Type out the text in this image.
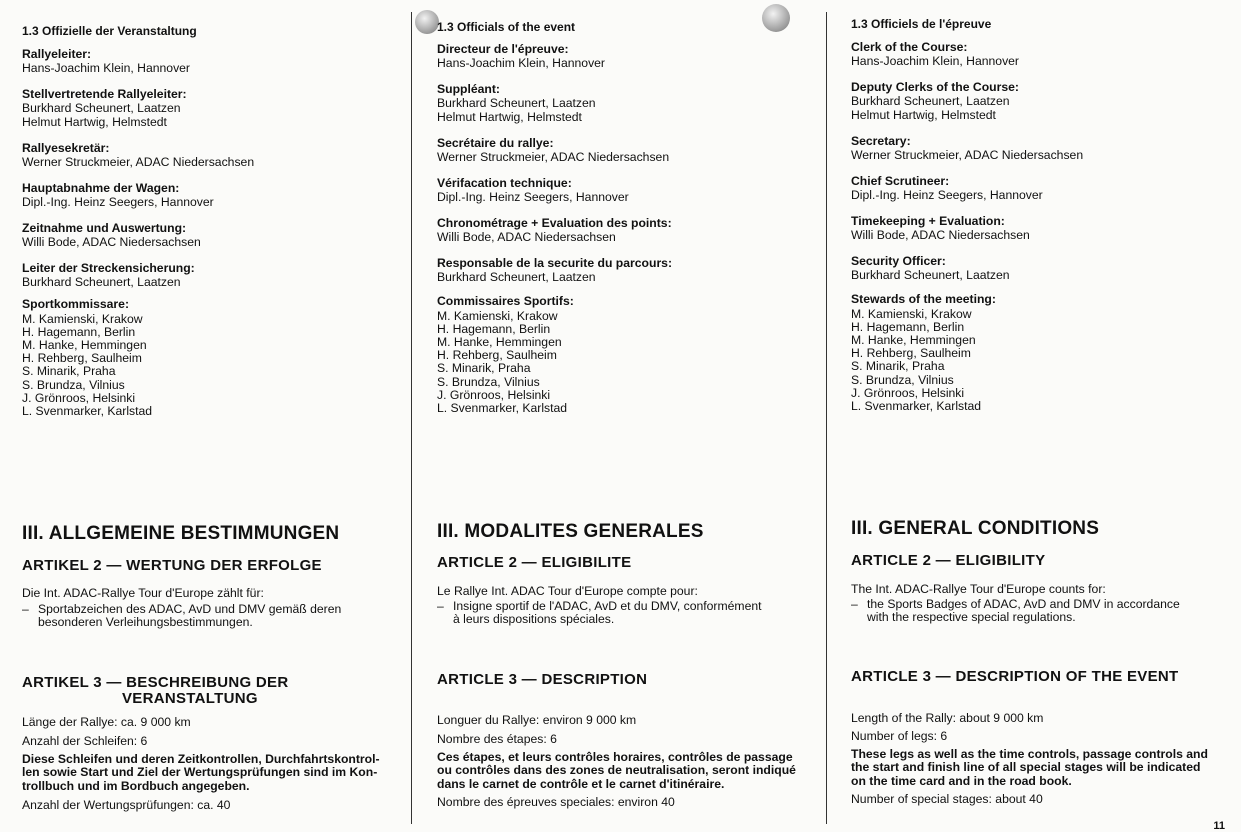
1.3 Offizielle der Veranstaltung
Sportkommissare:
M. Kamienski, Krakow
H. Hagemann, Berlin
M. Hanke, Hemmingen
H. Rehberg, Saulheim
S. Minarik, Praha
S. Brundza, Vilnius
J. Grönroos, Helsinki
L. Svenmarker, Karlstad
III. ALLGEMEINE BESTIMMUNGEN
ARTIKEL 2 — WERTUNG DER ERFOLGE
Die Int. ADAC-Rallye Tour d'Europe zählt für:
– Sportabzeichen des ADAC, AvD und DMV gemäß deren
besonderen Verleihungsbestimmungen.
ARTIKEL 3 — BESCHREIBUNG DER
VERANSTALTUNG
Länge der Rallye: ca. 9 000 km
Anzahl der Schleifen: 6
Diese Schleifen und deren Zeitkontrollen, Durchfahrtskontrol-
len sowie Start und Ziel der Wertungsprüfungen sind im Kon-
trollbuch und im Bordbuch angegeben.
Anzahl der Wertungsprüfungen: ca. 40
Rallyeleiter:
Hans-Joachim Klein, Hannover
Stellvertretende Rallyeleiter:
Burkhard Scheunert, Laatzen
Helmut Hartwig, Helmstedt
Rallyesekretär:
Werner Struckmeier, ADAC Niedersachsen
Hauptabnahme der Wagen:
Dipl.-Ing. Heinz Seegers, Hannover
Zeitnahme und Auswertung:
Willi Bode, ADAC Niedersachsen
Leiter der Streckensicherung:
Burkhard Scheunert, Laatzen
1.3 Officials of the event
Commissaires Sportifs:
M. Kamienski, Krakow
H. Hagemann, Berlin
M. Hanke, Hemmingen
H. Rehberg, Saulheim
S. Minarik, Praha
S. Brundza, Vilnius
J. Grönroos, Helsinki
L. Svenmarker, Karlstad
III. MODALITES GENERALES
ARTICLE 2 — ELIGIBILITE
Le Rallye Int. ADAC Tour d'Europe compte pour:
– Insigne sportif de l'ADAC, AvD et du DMV, conformément
à leurs dispositions spéciales.
ARTICLE 3 — DESCRIPTION
Longuer du Rallye: environ 9 000 km
Nombre des étapes: 6
Ces étapes, et leurs contrôles horaires, contrôles de passage
ou contrôles dans des zones de neutralisation, seront indiqué
dans le carnet de contrôle et le carnet d'itinéraire.
Nombre des épreuves speciales: environ 40
Directeur de l'épreuve:
Hans-Joachim Klein, Hannover
Suppléant:
Burkhard Scheunert, Laatzen
Helmut Hartwig, Helmstedt
Secrétaire du rallye:
Werner Struckmeier, ADAC Niedersachsen
Vérifacation technique:
Dipl.-Ing. Heinz Seegers, Hannover
Chronométrage + Evaluation des points:
Willi Bode, ADAC Niedersachsen
Responsable de la securite du parcours:
Burkhard Scheunert, Laatzen
1.3 Officiels de l'épreuve
Stewards of the meeting:
M. Kamienski, Krakow
H. Hagemann, Berlin
M. Hanke, Hemmingen
H. Rehberg, Saulheim
S. Minarik, Praha
S. Brundza, Vilnius
J. Grönroos, Helsinki
L. Svenmarker, Karlstad
III. GENERAL CONDITIONS
ARTICLE 2 — ELIGIBILITY
The Int. ADAC-Rallye Tour d'Europe counts for:
– the Sports Badges of ADAC, AvD and DMV in accordance
with the respective special regulations.
ARTICLE 3 — DESCRIPTION OF THE EVENT
Length of the Rally: about 9 000 km
Number of legs: 6
These legs as well as the time controls, passage controls and
the start and finish line of all special stages will be indicated
on the time card and in the road book.
Number of special stages: about 40
Clerk of the Course:
Hans-Joachim Klein, Hannover
Deputy Clerks of the Course:
Burkhard Scheunert, Laatzen
Helmut Hartwig, Helmstedt
Secretary:
Werner Struckmeier, ADAC Niedersachsen
Chief Scrutineer:
Dipl.-Ing. Heinz Seegers, Hannover
Timekeeping + Evaluation:
Willi Bode, ADAC Niedersachsen
Security Officer:
Burkhard Scheunert, Laatzen
11
